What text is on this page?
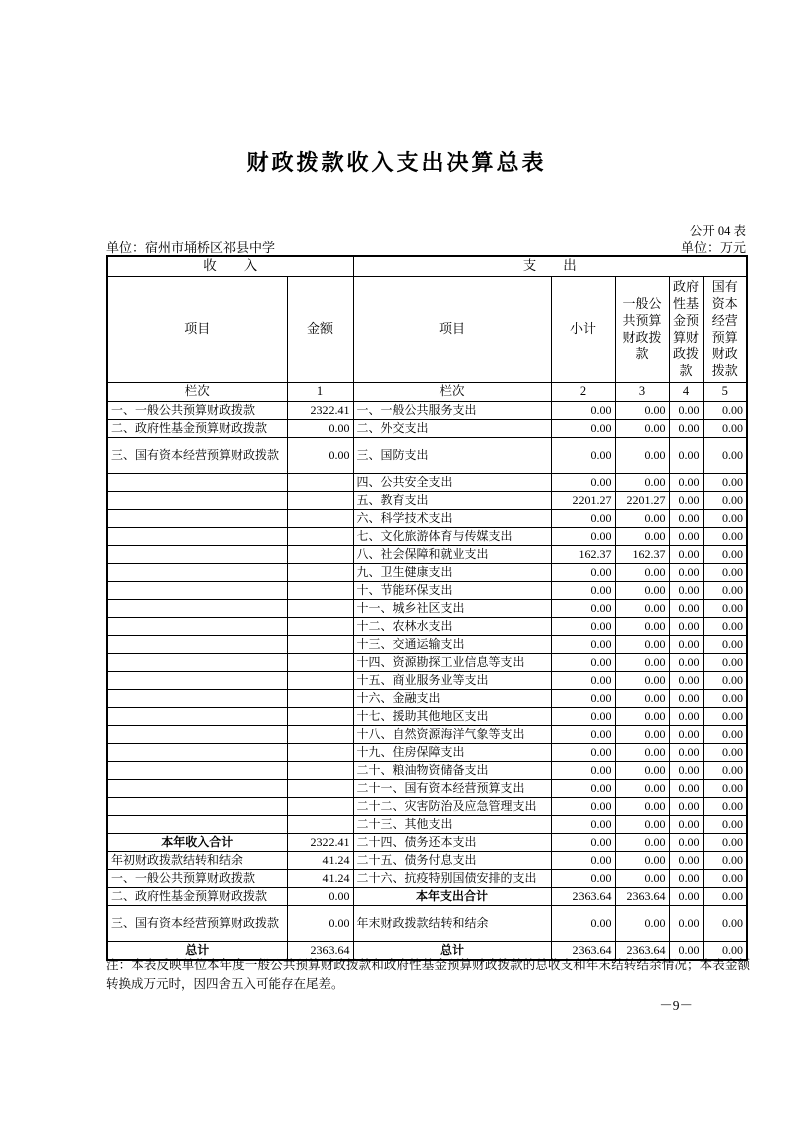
财政拨款收入支出决算总表
公开 04 表
单位：宿州市埇桥区祁县中学	单位：万元
收　　入		支　　出				
项目	金额	项目	小计	一般公共预算财政拨款	政府性基金预算财政拨款	国有资本经营预算财政拨款
栏次	1	栏次	2	3	4	5
一、一般公共预算财政拨款	2322.41	一、一般公共服务支出	0.00	0.00	0.00	0.00
二、政府性基金预算财政拨款	0.00	二、外交支出	0.00	0.00	0.00	0.00
三、国有资本经营预算财政拨款	0.00	三、国防支出	0.00	0.00	0.00	0.00
		四、公共安全支出	0.00	0.00	0.00	0.00
		五、教育支出	2201.27	2201.27	0.00	0.00
		六、科学技术支出	0.00	0.00	0.00	0.00
		七、文化旅游体育与传媒支出	0.00	0.00	0.00	0.00
		八、社会保障和就业支出	162.37	162.37	0.00	0.00
		九、卫生健康支出	0.00	0.00	0.00	0.00
		十、节能环保支出	0.00	0.00	0.00	0.00
		十一、城乡社区支出	0.00	0.00	0.00	0.00
		十二、农林水支出	0.00	0.00	0.00	0.00
		十三、交通运输支出	0.00	0.00	0.00	0.00
		十四、资源勘探工业信息等支出	0.00	0.00	0.00	0.00
		十五、商业服务业等支出	0.00	0.00	0.00	0.00
		十六、金融支出	0.00	0.00	0.00	0.00
		十七、援助其他地区支出	0.00	0.00	0.00	0.00
		十八、自然资源海洋气象等支出	0.00	0.00	0.00	0.00
		十九、住房保障支出	0.00	0.00	0.00	0.00
		二十、粮油物资储备支出	0.00	0.00	0.00	0.00
		二十一、国有资本经营预算支出	0.00	0.00	0.00	0.00
		二十二、灾害防治及应急管理支出	0.00	0.00	0.00	0.00
		二十三、其他支出	0.00	0.00	0.00	0.00
本年收入合计	2322.41	二十四、债务还本支出	0.00	0.00	0.00	0.00
年初财政拨款结转和结余	41.24	二十五、债务付息支出	0.00	0.00	0.00	0.00
一、一般公共预算财政拨款	41.24	二十六、抗疫特别国债安排的支出	0.00	0.00	0.00	0.00
二、政府性基金预算财政拨款	0.00	本年支出合计	2363.64	2363.64	0.00	0.00
三、国有资本经营预算财政拨款	0.00	年末财政拨款结转和结余	0.00	0.00	0.00	0.00
总计	2363.64	总计	2363.64	2363.64	0.00	0.00
注：本表反映单位本年度一般公共预算财政拨款和政府性基金预算财政拨款的总收支和年末结转结余情况；本表金额转换成万元时，因四舍五入可能存在尾差。
－9－
